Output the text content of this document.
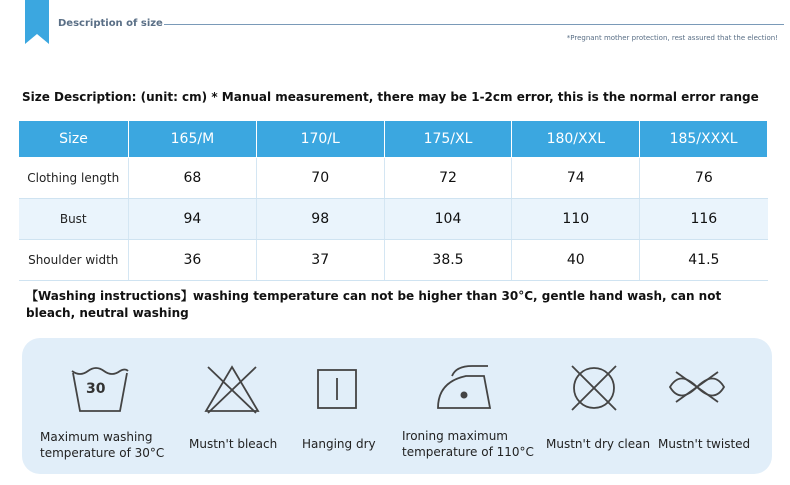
Description of size
*Pregnant mother protection, rest assured that the election!
Size Description: (unit: cm) * Manual measurement, there may be 1-2cm error, this is the normal error range
Size	165/M	170/L	175/XL	180/XXL	185/XXXL
Clothing length	68	70	72	74	76
Bust	94	98	104	110	116
Shoulder width	36	37	38.5	40	41.5
【Washing instructions】washing temperature can not be higher than 30°C, gentle hand wash, can not bleach, neutral washing
30
Maximum washing
temperature of 30°C
Mustn't bleach Hanging dry
Ironing maximum
temperature of 110°C
Mustn't dry clean Mustn't twisted
